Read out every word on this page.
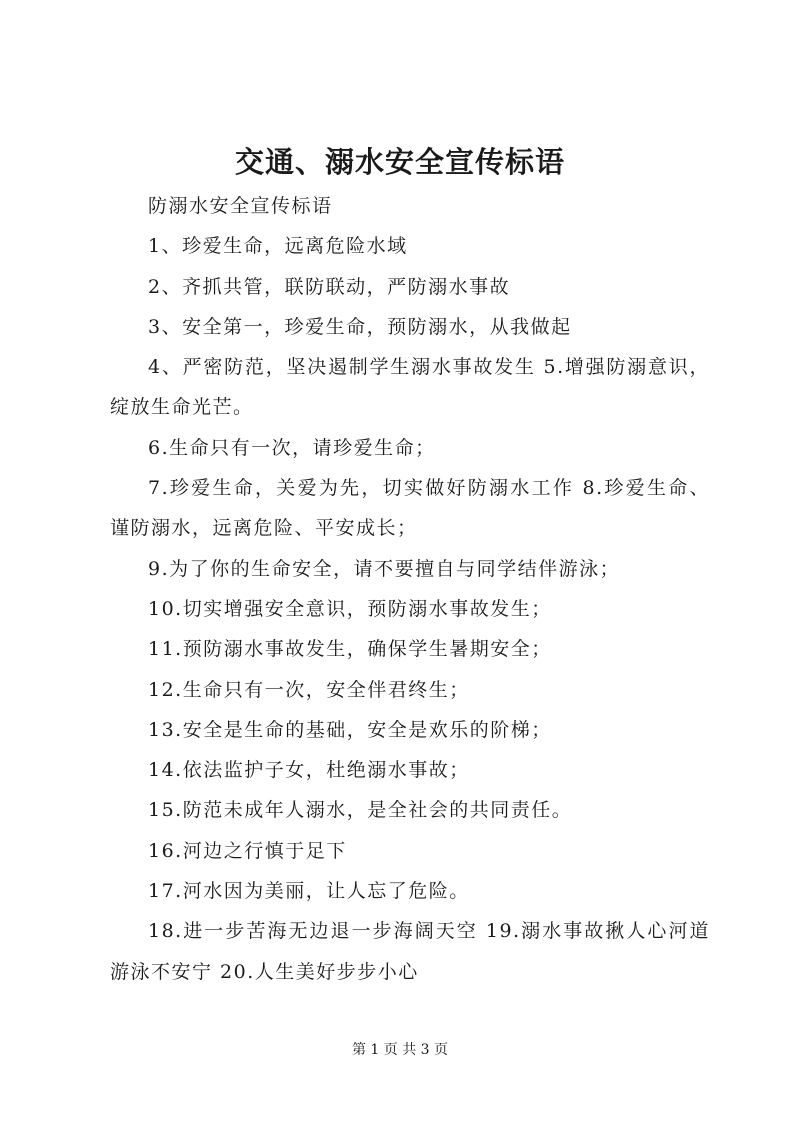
交通、溺水安全宣传标语

防溺水安全宣传标语

1、珍爱生命，远离危险水域

2、齐抓共管，联防联动，严防溺水事故

3、安全第一，珍爱生命，预防溺水，从我做起

4、严密防范，坚决遏制学生溺水事故发生 5.增强防溺意识，绽放生命光芒。

6.生命只有一次，请珍爱生命；

7.珍爱生命，关爱为先，切实做好防溺水工作 8.珍爱生命、谨防溺水，远离危险、平安成长；

9.为了你的生命安全，请不要擅自与同学结伴游泳；

10.切实增强安全意识，预防溺水事故发生；

11.预防溺水事故发生，确保学生暑期安全；

12.生命只有一次，安全伴君终生；

13.安全是生命的基础，安全是欢乐的阶梯；

14.依法监护子女，杜绝溺水事故；

15.防范未成年人溺水，是全社会的共同责任。

16.河边之行慎于足下

17.河水因为美丽，让人忘了危险。

18.进一步苦海无边退一步海阔天空 19.溺水事故揪人心河道游泳不安宁 20.人生美好步步小心

第 1 页 共 3 页
